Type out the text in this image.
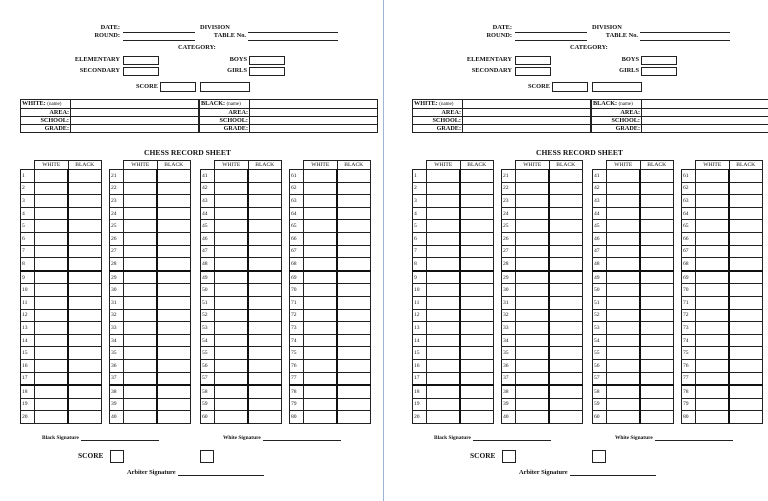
DATE:
ROUND:
DIVISION
TABLE No.
CATEGORY:
ELEMENTARY
SECONDARY
BOYS
GIRLS
SCORE
WHITE: (name)	
AREA:	
SCHOOL:	
GRADE:	
BLACK: (name)	
AREA:	
SCHOOL:	
GRADE:	
CHESS RECORD SHEET
	WHITE	BLACK
1		
2		
3		
4		
5		
6		
7		
8		
9		
10		
11		
12		
13		
14		
15		
16		
17		
18		
19		
20		
	WHITE	BLACK
21		
22		
23		
24		
25		
26		
27		
28		
29		
30		
31		
32		
33		
34		
35		
36		
37		
38		
39		
40		
	WHITE	BLACK
41		
42		
43		
44		
45		
46		
47		
48		
49		
50		
51		
52		
53		
54		
55		
56		
57		
58		
59		
60		
	WHITE	BLACK
61		
62		
63		
64		
65		
66		
67		
68		
69		
70		
71		
72		
73		
74		
75		
76		
77		
78		
79		
80		
Black Signature	White Signature
SCORE
Arbiter Signature
DATE:
ROUND:
DIVISION
TABLE No.
CATEGORY:
ELEMENTARY
SECONDARY
BOYS
GIRLS
SCORE
WHITE: (name)	
AREA:	
SCHOOL:	
GRADE:	
BLACK: (name)	
AREA:	
SCHOOL:	
GRADE:	
CHESS RECORD SHEET
	WHITE	BLACK
1		
2		
3		
4		
5		
6		
7		
8		
9		
10		
11		
12		
13		
14		
15		
16		
17		
18		
19		
20		
	WHITE	BLACK
21		
22		
23		
24		
25		
26		
27		
28		
29		
30		
31		
32		
33		
34		
35		
36		
37		
38		
39		
40		
	WHITE	BLACK
41		
42		
43		
44		
45		
46		
47		
48		
49		
50		
51		
52		
53		
54		
55		
56		
57		
58		
59		
60		
	WHITE	BLACK
61		
62		
63		
64		
65		
66		
67		
68		
69		
70		
71		
72		
73		
74		
75		
76		
77		
78		
79		
80		
Black Signature	White Signature
SCORE
Arbiter Signature
